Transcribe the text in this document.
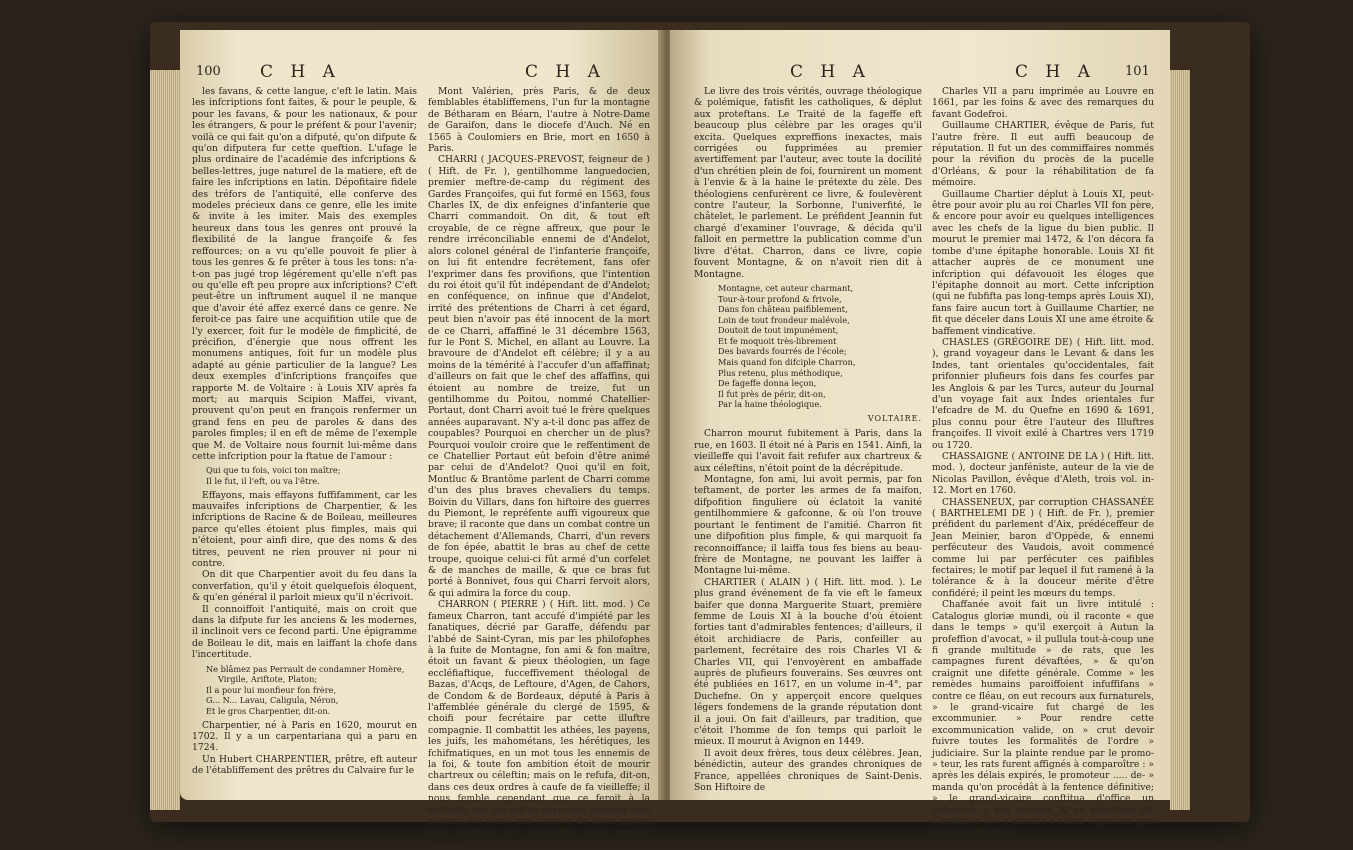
100 C H A	C H A

les favans, & cette langue, c'eft le latin. Mais les infcriptions font faites, & pour le peuple, & pour les favans, & pour les nationaux, & pour les étrangers, & pour le préfent & pour l'avenir; voilà ce qui fait qu'on a difputé, qu'on difpute & qu'on difputera fur cette queftion. L'ufage le plus ordinaire de l'académie des infcriptions & belles-lettres, juge naturel de la matiere, eft de faire les infcriptions en latin. Dépofitaire fidele des tréfors de l'antiquité, elle conferve des modeles précieux dans ce genre, elle les imite & invite à les imiter. Mais des exemples heureux dans tous les genres ont prouvé la flexibilité de la langue françoife & fes reffources; on a vu qu'elle pouvoit fe plier à tous les genres & fe prêter à tous les tons: n'a-t-on pas jugé trop légérement qu'elle n'eft pas ou qu'elle eft peu propre aux infcriptions? C'eft peut-être un inftrument auquel il ne manque que d'avoir été affez exercé dans ce genre. Ne feroit-ce pas faire une acquifition utile que de l'y exercer, foit fur le modèle de fimplicité, de précifion, d'énergie que nous offrent les monumens antiques, foit fur un modèle plus adapté au génie particulier de la langue? Les deux exemples d'infcriptions françoifes que rapporte M. de Voltaire : à Louis XIV après fa mort; au marquis Scipion Maffei, vivant, prouvent qu'on peut en françois renfermer un grand fens en peu de paroles & dans des paroles fimples; il en eft de même de l'exemple que M. de Voltaire nous fournit lui-même dans cette infcription pour la ftatue de l'amour :

Qui que tu fois, voici ton maître;
Il le fut, il l'eft, ou va l'être.

Effayons, mais effayons fuffifamment, car les mauvaifes infcriptions de Charpentier, & les infcriptions de Racine & de Boileau, meilleures parce qu'elles étoient plus fimples, mais qui n'étoient, pour ainfi dire, que des noms & des titres, peuvent ne rien prouver ni pour ni contre.

On dit que Charpentier avoit du feu dans la converfation, qu'il y étoit quelquefois éloquent, & qu'en général il parloit mieux qu'il n'écrivoit.

Il connoiffoit l'antiquité, mais on croit que dans la difpute fur les anciens & les modernes, il inclinoit vers ce fecond parti. Une épigramme de Boileau le dit, mais en laiffant la chofe dans l'incertitude.

Ne blâmez pas Perrault de condamner Homère,
Virgile, Ariftote, Platon;
Il a pour lui monfieur fon frère,
G... N... Lavau, Caligula, Néron,
Et le gros Charpentier, dit-on.

Charpentier, né à Paris en 1620, mourut en 1702. Il y a un carpentariana qui a paru en 1724.

Un Hubert CHARPENTIER, prêtre, eft auteur de l'établiffement des prêtres du Calvaire fur le

Mont Valérien, près Paris, & de deux femblables établiffemens, l'un fur la montagne de Bétharam en Béarn, l'autre à Notre-Dame de Garaifon, dans le diocefe d'Auch. Né en 1565 à Coulomiers en Brie, mort en 1650 à Paris.

CHARRI ( JACQUES-PREVOST, feigneur de ) ( Hift. de Fr. ), gentilhomme languedocien, premier meftre-de-camp du régiment des Gardes Françoifes, qui fut formé en 1563, fous Charles IX, de dix enfeignes d'infanterie que Charri commandoit. On dit, & tout eft croyable, de ce règne affreux, que pour le rendre irréconciliable ennemi de d'Andelot, alors colonel général de l'infanterie françoife, on lui fit entendre fecrétement, fans ofer l'exprimer dans fes provifions, que l'intention du roi étoit qu'il fût indépendant de d'Andelot; en conféquence, on infinue que d'Andelot, irrité des prétentions de Charri à cet égard, peut bien n'avoir pas été innocent de la mort de ce Charri, affaffiné le 31 décembre 1563, fur le Pont S. Michel, en allant au Louvre. La bravoure de d'Andelot eft célèbre; il y a au moins de la témérité à l'accufer d'un affaffinat; d'ailleurs on fait que le chef des affaffins, qui étoient au nombre de treize, fut un gentilhomme du Poitou, nommé Chatellier-Portaut, dont Charri avoit tué le frère quelques années auparavant. N'y a-t-il donc pas affez de coupables? Pourquoi en chercher un de plus? Pourquoi vouloir croire que le reffentiment de ce Chatellier Portaut eût befoin d'être animé par celui de d'Andelot? Quoi qu'il en foit, Montluc & Brantôme parlent de Charri comme d'un des plus braves chevaliers du temps. Boivin du Villars, dans fon hiftoire des guerres du Piemont, le repréfente auffi vigoureux que brave; il raconte que dans un combat contre un détachement d'Allemands, Charri, d'un revers de fon épée, abattit le bras au chef de cette troupe, quoique celui-ci fût armé d'un corfelet & de manches de maille, & que ce bras fut porté à Bonnivet, fous qui Charri fervoit alors, & qui admira la force du coup.

CHARRON ( PIERRE ) ( Hift. litt. mod. ) Ce fameux Charron, tant accufé d'impiété par les fanatiques, décrié par Garaffe, défendu par l'abbé de Saint-Cyran, mis par les philofophes à la fuite de Montagne, fon ami & fon maître, étoit un favant & pieux théologien, un fage eccléfiaftique, fucceffivement théologal de Bazas, d'Acqs, de Leftoure, d'Agen, de Cahors, de Condom & de Bordeaux, député à Paris à l'affemblée générale du clergé de 1595, & choifi pour fecrétaire par cette illuftre compagnie. Il combattit les athées, les payens, les juifs, les mahométans, les hérétiques, les fchifmatiques, en un mot tous les ennemis de la foi, & toute fon ambition étoit de mourir chartreux ou céleftin; mais on le refufa, dit-on, dans ces deux ordres à caufe de fa vieilleffe; il nous femble cependant que ce feroit à la vieilleffe que ces afyles devroient toujours être ouverts. Ce feroit une retraite de fages guéris des paffions & défabufés des erreurs humaines.

C H A	C H A 101

Le livre des trois vérités, ouvrage théologique & polémique, fatisfit les catholiques, & déplut aux proteftans. Le Traité de la fageffe eft beaucoup plus célèbre par les orages qu'il excita. Quelques expreffions inexactes, mais corrigées ou fupprimées au premier avertiffement par l'auteur, avec toute la docilité d'un chrétien plein de foi, fournirent un moment à l'envie & à la haine le prétexte du zèle. Des théologiens cenfurèrent ce livre, & foulevèrent contre l'auteur, la Sorbonne, l'univerfité, le châtelet, le parlement. Le préfident Jeannin fut chargé d'examiner l'ouvrage, & décida qu'il falloit en permettre la publication comme d'un livre d'état. Charron, dans ce livre, copie fouvent Montagne, & on n'avoit rien dit à Montagne.

Montagne, cet auteur charmant,
Tour-à-tour profond & frivole,
Dans fon château paifiblement,
Loin de tout frondeur malévole,
Doutoit de tout impunément,
Et fe moquoit très-librement
Des bavards fourrés de l'école;
Mais quand fon difciple Charron,
Plus retenu, plus méthodique,
De fageffe donna leçon,
Il fut près de périr, dit-on,
Par la haine théologique.
VOLTAIRE.

Charron mourut fubitement à Paris, dans la rue, en 1603. Il étoit né à Paris en 1541. Ainfi, la vieilleffe qui l'avoit fait refufer aux chartreux & aux céleftins, n'étoit point de la décrépitude.

Montagne, fon ami, lui avoit permis, par fon teftament, de porter les armes de fa maifon, difpofition finguliere où éclatoit la vanité gentilhommiere & gafconne, & où l'on trouve pourtant le fentiment de l'amitié. Charron fit une difpofition plus fimple, & qui marquoit fa reconnoiffance; il laiffa tous fes biens au beau-frère de Montagne, ne pouvant les laiffer à Montagne lui-même.

CHARTIER ( ALAIN ) ( Hift. litt. mod. ). Le plus grand événement de fa vie eft le fameux baifer que donna Marguerite Stuart, première femme de Louis XI à la bouche d'où étoient forties tant d'admirables fentences; d'ailleurs, il étoit archidiacre de Paris, confeiller au parlement, fecrétaire des rois Charles VI & Charles VII, qui l'envoyèrent en ambaffade auprès de plufieurs fouverains. Ses œuvres ont été publiées en 1617, en un volume in-4°, par Duchefne. On y apperçoit encore quelques légers fondemens de la grande réputation dont il a joui. On fait d'ailleurs, par tradition, que c'étoit l'homme de fon temps qui parloit le mieux. Il mourut à Avignon en 1449.

Il avoit deux frères, tous deux célèbres. Jean, bénédictin, auteur des grandes chroniques de France, appellées chroniques de Saint-Denis. Son Hiftoire de

Charles VII a paru imprimée au Louvre en 1661, par les foins & avec des remarques du favant Godefroi.

Guillaume CHARTIER, évêque de Paris, fut l'autre frère. Il eut auffi beaucoup de réputation. Il fut un des commiffaires nommés pour la révifion du procès de la pucelle d'Orléans, & pour la réhabilitation de fa mémoire.

Guillaume Chartier déplut à Louis XI, peut-être pour avoir plu au roi Charles VII fon père, & encore pour avoir eu quelques intelligences avec les chefs de la ligue du bien public. Il mourut le premier mai 1472, & l'on décora fa tombe d'une épitaphe honorable. Louis XI fit attacher auprès de ce monument une infcription qui défavouoit les éloges que l'épitaphe donnoit au mort. Cette infcription (qui ne fubfifta pas long-temps après Louis XI), fans faire aucun tort à Guillaume Chartier, ne fit que déceler dans Louis XI une ame étroite & baffement vindicative.

CHASLES (GRÉGOIRE DE) ( Hift. litt. mod. ), grand voyageur dans le Levant & dans les Indes, tant orientales qu'occidentales, fait prifonnier plufieurs fois dans fes courfes par les Anglois & par les Turcs, auteur du Journal d'un voyage fait aux Indes orientales fur l'efcadre de M. du Quefne en 1690 & 1691, plus connu pour être l'auteur des Illuftres françoifes. Il vivoit exilé à Chartres vers 1719 ou 1720.

CHASSAIGNE ( ANTOINE DE LA ) ( Hift. litt. mod. ), docteur janféniste, auteur de la vie de Nicolas Pavillon, évêque d'Aleth, trois vol. in-12. Mort en 1760.

CHASSENEUX, par corruption CHASSANÉE ( BARTHELEMI DE ) ( Hift. de Fr. ), premier préfident du parlement d'Aix, prédéceffeur de Jean Meinier, baron d'Oppède, & ennemi perfécuteur des Vaudois, avoit commencé comme lui par perfécuter ces paifibles fectaires; le motif par lequel il fut ramené à la tolérance & à la douceur mérite d'être confidéré; il peint les mœurs du temps.

Chaffanée avoit fait un livre intitulé : Catalogus gloriæ mundi, où il raconte « que dans le temps » qu'il exerçoit à Autun la profeffion d'avocat, » il pullula tout-à-coup une fi grande multitude » de rats, que les campagnes furent dévaftées, » & qu'on craignit une difette générale. Comme » les remèdes humains paroiffoient infuffifans » contre ce fléau, on eut recours aux furnaturels, » le grand-vicaire fut chargé de les excommunier. » Pour rendre cette excommunication valide, on » crut devoir fuivre toutes les formalités de l'ordre » judiciaire. Sur la plainte rendue par le promo- » teur, les rats furent affignés à comparoître : » après les délais expirés, le promoteur ..... de- » manda qu'on procédât à la fentence définitive; » le grand-vicaire conftitua d'office un défenfeur » aux accufés, & ce défenfeur fut Chaffanée. Il » s'attacha d'abord à prouver que les rats difperfés
